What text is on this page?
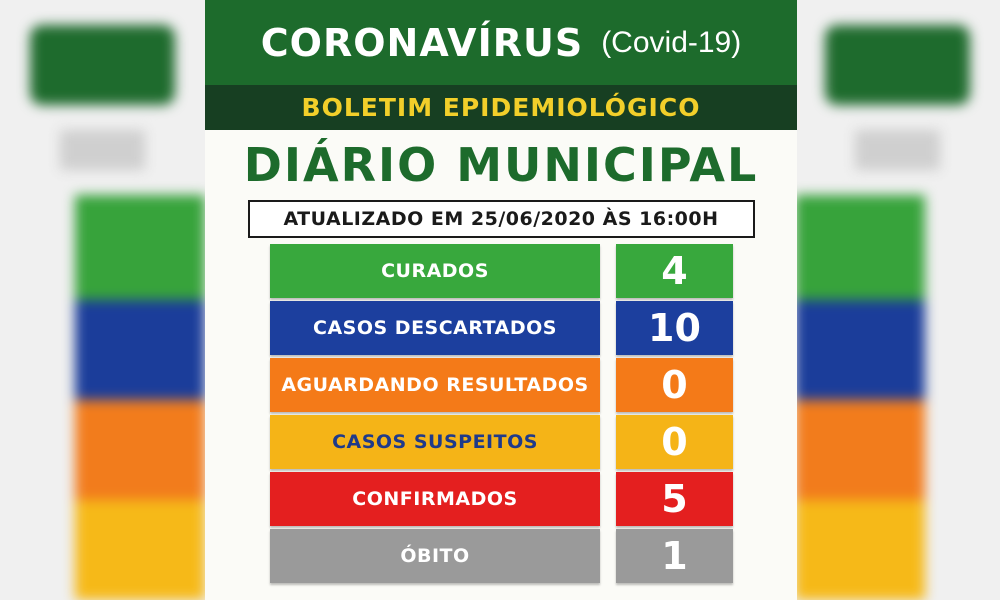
CORONAVÍRUS (Covid-19)
BOLETIM EPIDEMIOLÓGICO
DIÁRIO MUNICIPAL
ATUALIZADO EM 25/06/2020 ÀS 16:00H
CURADOS	4
CASOS DESCARTADOS 10
AGUARDANDO RESULTADOS 0
CASOS SUSPEITOS	0
CONFIRMADOS	5
ÓBITO	1
